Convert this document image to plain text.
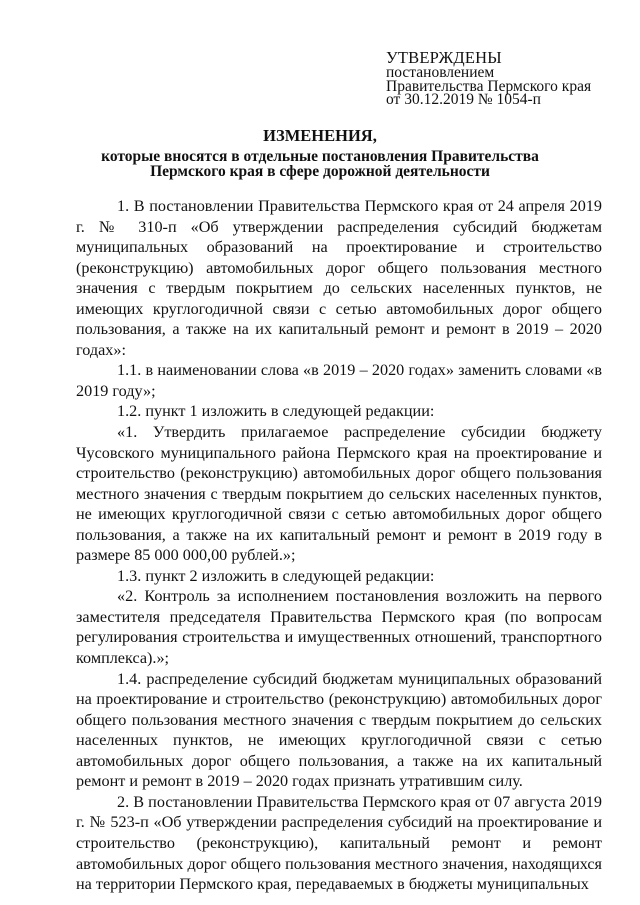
УТВЕРЖДЕНЫ
постановлением
Правительства Пермского края
от 30.12.2019 № 1054-п
ИЗМЕНЕНИЯ,
которые вносятся в отдельные постановления Правительства
Пермского края в сфере дорожной деятельности

1. В постановлении Правительства Пермского края от 24 апреля 2019 г. № 310-п «Об утверждении распределения субсидий бюджетам муниципальных образований на проектирование и строительство (реконструкцию) автомобильных дорог общего пользования местного значения с твердым покрытием до сельских населенных пунктов, не имеющих круглогодичной связи с сетью автомобильных дорог общего пользования, а также на их капитальный ремонт и ремонт в 2019 – 2020 годах»:

1.1. в наименовании слова «в 2019 – 2020 годах» заменить словами «в 2019 году»;

1.2. пункт 1 изложить в следующей редакции:

«1. Утвердить прилагаемое распределение субсидии бюджету Чусовского муниципального района Пермского края на проектирование и строительство (реконструкцию) автомобильных дорог общего пользования местного значения с твердым покрытием до сельских населенных пунктов, не имеющих круглогодичной связи с сетью автомобильных дорог общего пользования, а также на их капитальный ремонт и ремонт в 2019 году в размере 85 000 000,00 рублей.»;

1.3. пункт 2 изложить в следующей редакции:

«2. Контроль за исполнением постановления возложить на первого заместителя председателя Правительства Пермского края (по вопросам регулирования строительства и имущественных отношений, транспортного комплекса).»;

1.4. распределение субсидий бюджетам муниципальных образований на проектирование и строительство (реконструкцию) автомобильных дорог общего пользования местного значения с твердым покрытием до сельских населенных пунктов, не имеющих круглогодичной связи с сетью автомобильных дорог общего пользования, а также на их капитальный ремонт и ремонт в 2019 – 2020 годах признать утратившим силу.

2. В постановлении Правительства Пермского края от 07 августа 2019 г. № 523-п «Об утверждении распределения субсидий на проектирование и строительство (реконструкцию), капитальный ремонт и ремонт автомобильных дорог общего пользования местного значения, находящихся на территории Пермского края, передаваемых в бюджеты муниципальных
